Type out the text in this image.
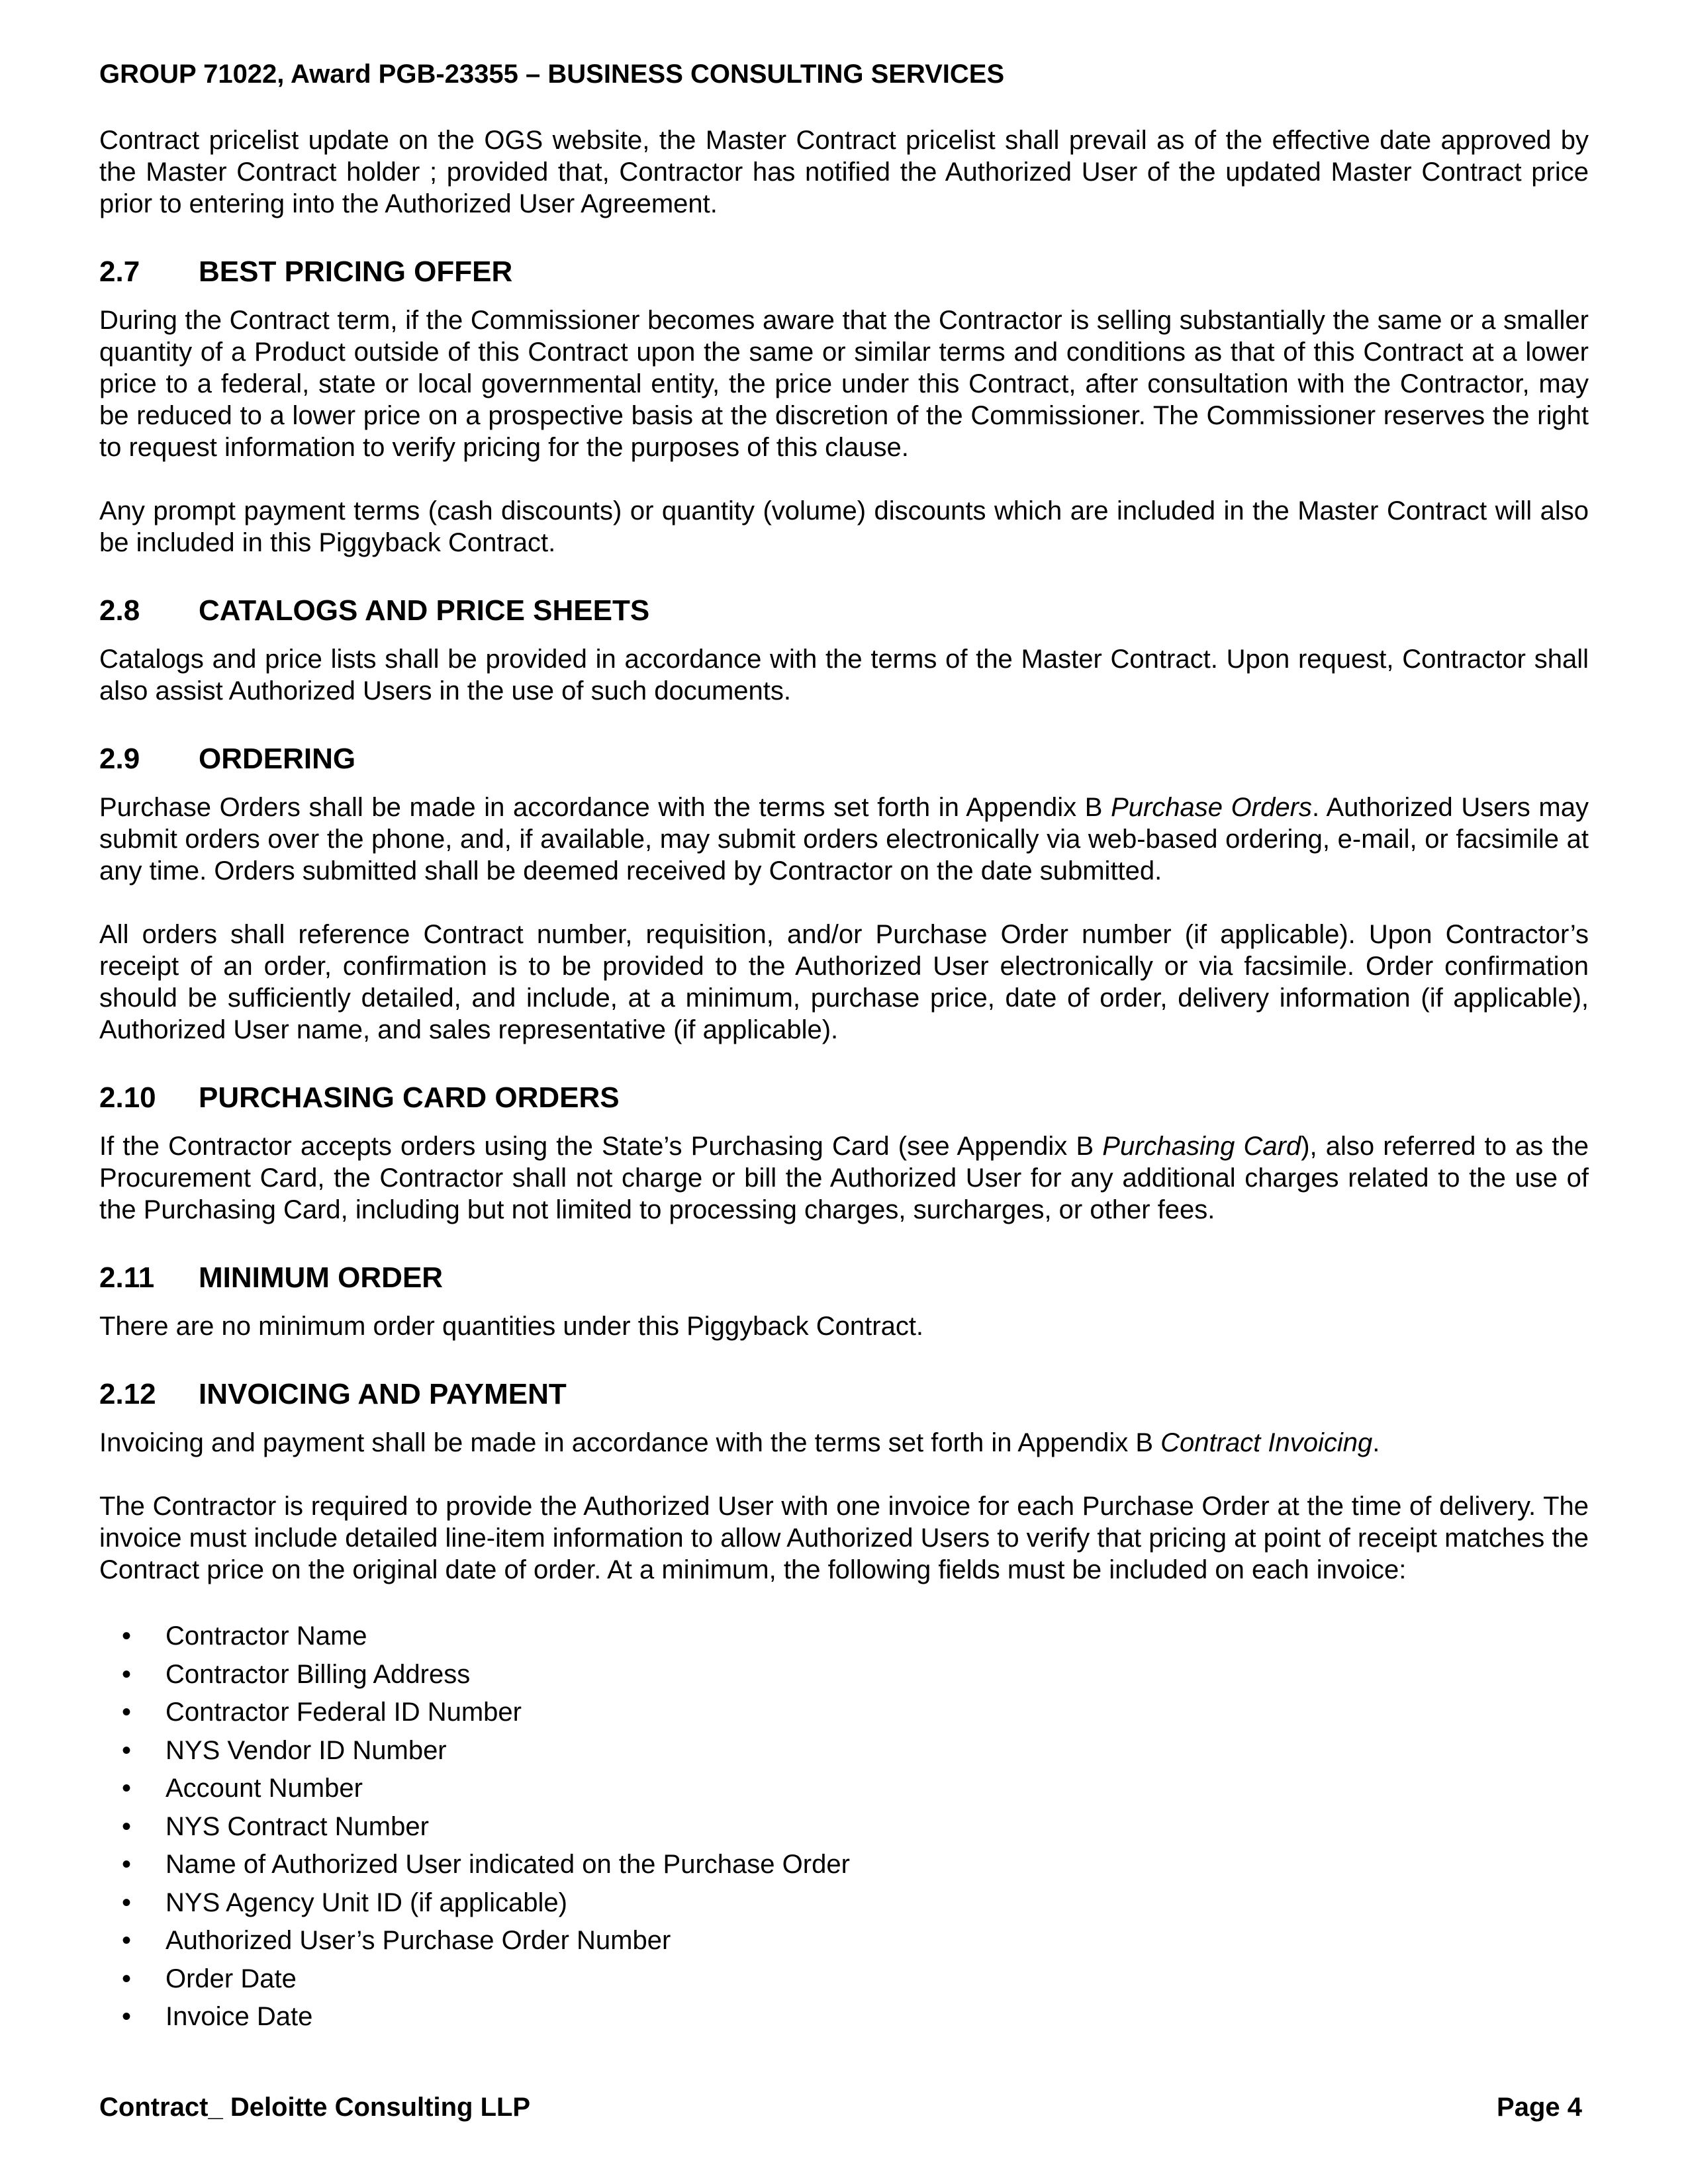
GROUP 71022, Award PGB-23355 – BUSINESS CONSULTING SERVICES

Contract pricelist update on the OGS website, the Master Contract pricelist shall prevail as of the effective date approved by the Master Contract holder ; provided that, Contractor has notified the Authorized User of the updated Master Contract price prior to entering into the Authorized User Agreement.

2.7	BEST PRICING OFFER

During the Contract term, if the Commissioner becomes aware that the Contractor is selling substantially the same or a smaller quantity of a Product outside of this Contract upon the same or similar terms and conditions as that of this Contract at a lower price to a federal, state or local governmental entity, the price under this Contract, after consultation with the Contractor, may be reduced to a lower price on a prospective basis at the discretion of the Commissioner. The Commissioner reserves the right to request information to verify pricing for the purposes of this clause.

Any prompt payment terms (cash discounts) or quantity (volume) discounts which are included in the Master Contract will also be included in this Piggyback Contract.

2.8	CATALOGS AND PRICE SHEETS

Catalogs and price lists shall be provided in accordance with the terms of the Master Contract. Upon request, Contractor shall also assist Authorized Users in the use of such documents.

2.9	ORDERING

Purchase Orders shall be made in accordance with the terms set forth in Appendix B Purchase Orders. Authorized Users may submit orders over the phone, and, if available, may submit orders electronically via web-based ordering, e-mail, or facsimile at any time. Orders submitted shall be deemed received by Contractor on the date submitted.

All orders shall reference Contract number, requisition, and/or Purchase Order number (if applicable). Upon Contractor’s receipt of an order, confirmation is to be provided to the Authorized User electronically or via facsimile. Order confirmation should be sufficiently detailed, and include, at a minimum, purchase price, date of order, delivery information (if applicable), Authorized User name, and sales representative (if applicable).

2.10	PURCHASING CARD ORDERS

If the Contractor accepts orders using the State’s Purchasing Card (see Appendix B Purchasing Card), also referred to as the Procurement Card, the Contractor shall not charge or bill the Authorized User for any additional charges related to the use of the Purchasing Card, including but not limited to processing charges, surcharges, or other fees.

2.11	MINIMUM ORDER

There are no minimum order quantities under this Piggyback Contract.

2.12	INVOICING AND PAYMENT

Invoicing and payment shall be made in accordance with the terms set forth in Appendix B Contract Invoicing.

The Contractor is required to provide the Authorized User with one invoice for each Purchase Order at the time of delivery. The invoice must include detailed line-item information to allow Authorized Users to verify that pricing at point of receipt matches the Contract price on the original date of order. At a minimum, the following fields must be included on each invoice:

•	Contractor Name
•	Contractor Billing Address
•	Contractor Federal ID Number
•	NYS Vendor ID Number
•	Account Number
•	NYS Contract Number
•	Name of Authorized User indicated on the Purchase Order
•	NYS Agency Unit ID (if applicable)
•	Authorized User’s Purchase Order Number
•	Order Date
•	Invoice Date
Contract_ Deloitte Consulting LLP	Page 4
